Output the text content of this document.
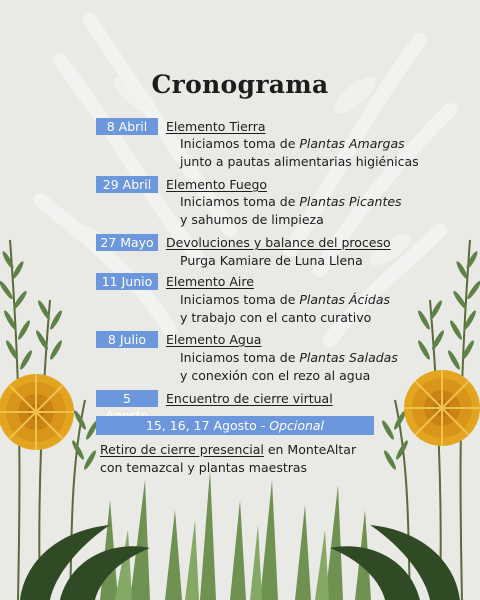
Cronograma
8 Abril	Elemento Tierra
Iniciamos toma de Plantas Amargas
junto a pautas alimentarias higiénicas
29 Abril	Elemento Fuego
Iniciamos toma de Plantas Picantes
y sahumos de limpieza
27 Mayo Devoluciones y balance del proceso
Purga Kamiare de Luna Llena
11 Junio	Elemento Aire
Iniciamos toma de Plantas Ácidas
y trabajo con el canto curativo
8 Julio	Elemento Agua
Iniciamos toma de Plantas Saladas
y conexión con el rezo al agua
5	Encuentro de cierre virtual
15, 16, 17 Agosto - Opcional
Retiro de cierre presencial en MonteAltar
con temazcal y plantas maestras
